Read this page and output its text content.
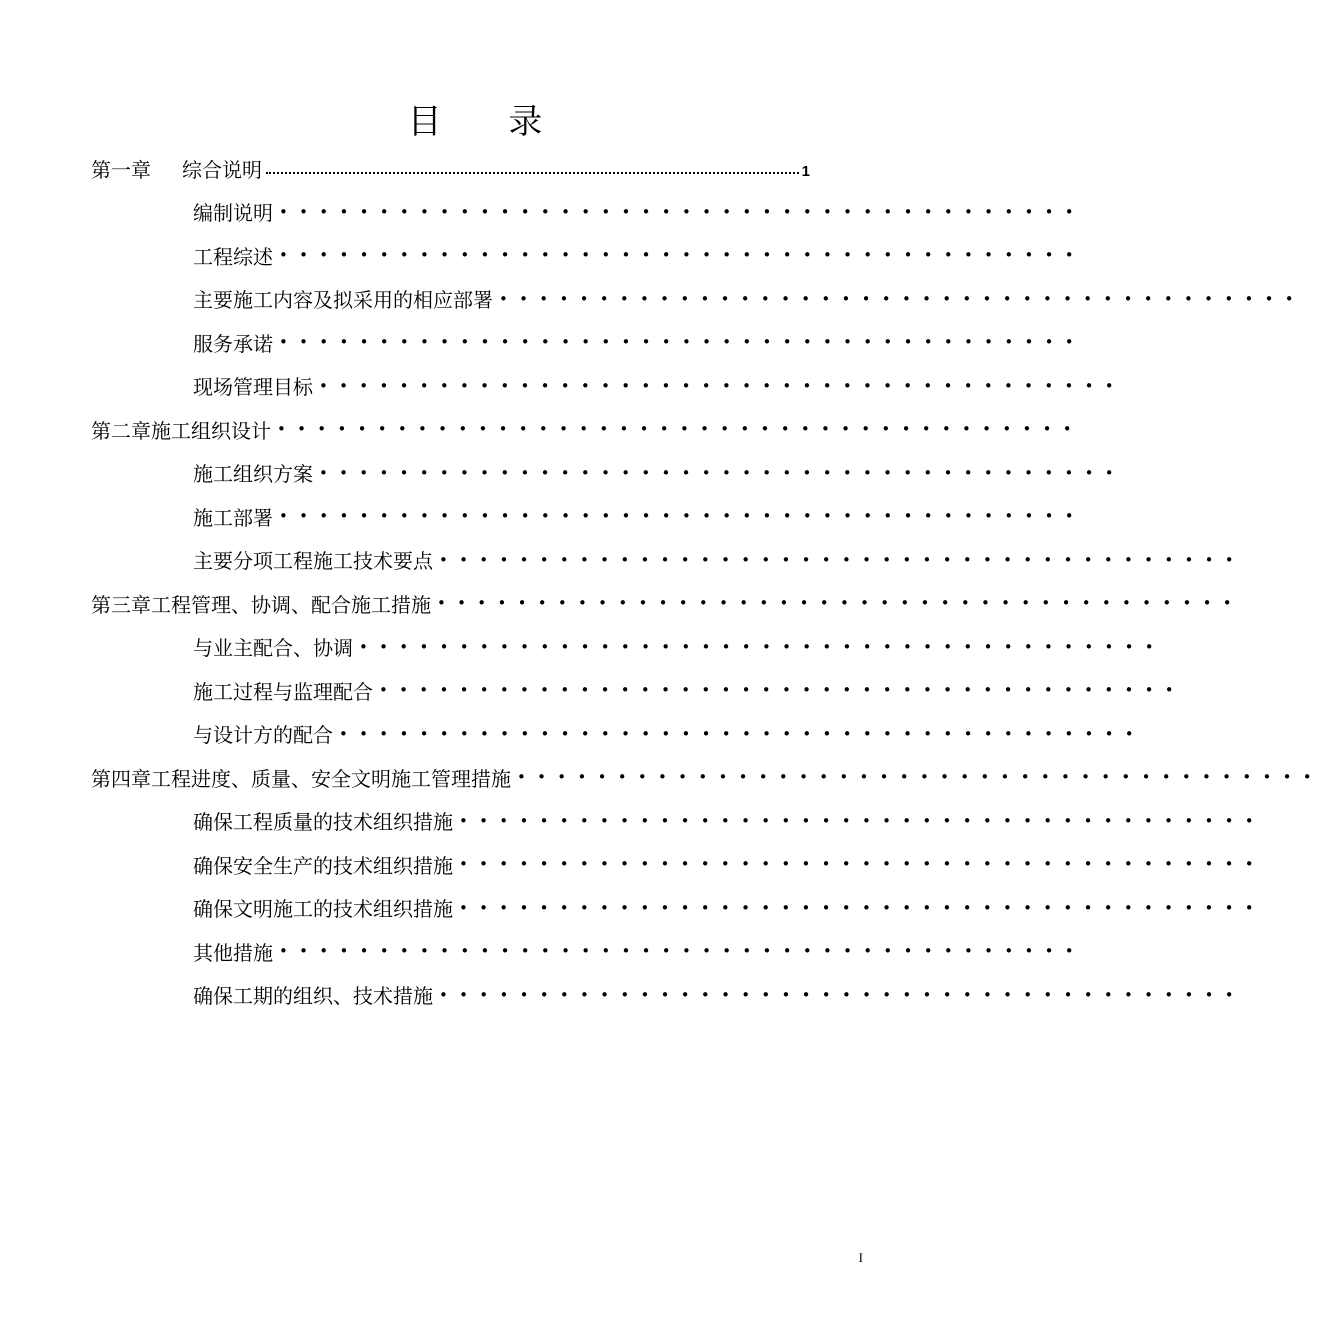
目 录
第一章	综合说明	1
编制说明 ••••••••••••••••••••••••••••••••••••••••
工程综述 ••••••••••••••••••••••••••••••••••••••••
主要施工内容及拟采用的相应部署 ••••••••••••••••••••••••••••••••••••••••
服务承诺 ••••••••••••••••••••••••••••••••••••••••
现场管理目标 ••••••••••••••••••••••••••••••••••••••••
第二章 施工组织设计 ••••••••••••••••••••••••••••••••••••••••
施工组织方案 ••••••••••••••••••••••••••••••••••••••••
施工部署 ••••••••••••••••••••••••••••••••••••••••
主要分项工程施工技术要点 ••••••••••••••••••••••••••••••••••••••••
第三章 工程管理、协调、配合施工措施 ••••••••••••••••••••••••••••••••••••••••
与业主配合、协调 ••••••••••••••••••••••••••••••••••••••••
施工过程与监理配合 ••••••••••••••••••••••••••••••••••••••••
与设计方的配合 ••••••••••••••••••••••••••••••••••••••••
第四章 工程进度、质量、安全文明施工管理措施 ••••••••••••••••••••••••••••••••••••••••
确保工程质量的技术组织措施 ••••••••••••••••••••••••••••••••••••••••
确保安全生产的技术组织措施 ••••••••••••••••••••••••••••••••••••••••
确保文明施工的技术组织措施 ••••••••••••••••••••••••••••••••••••••••
其他措施 ••••••••••••••••••••••••••••••••••••••••
确保工期的组织、技术措施 ••••••••••••••••••••••••••••••••••••••••
I
